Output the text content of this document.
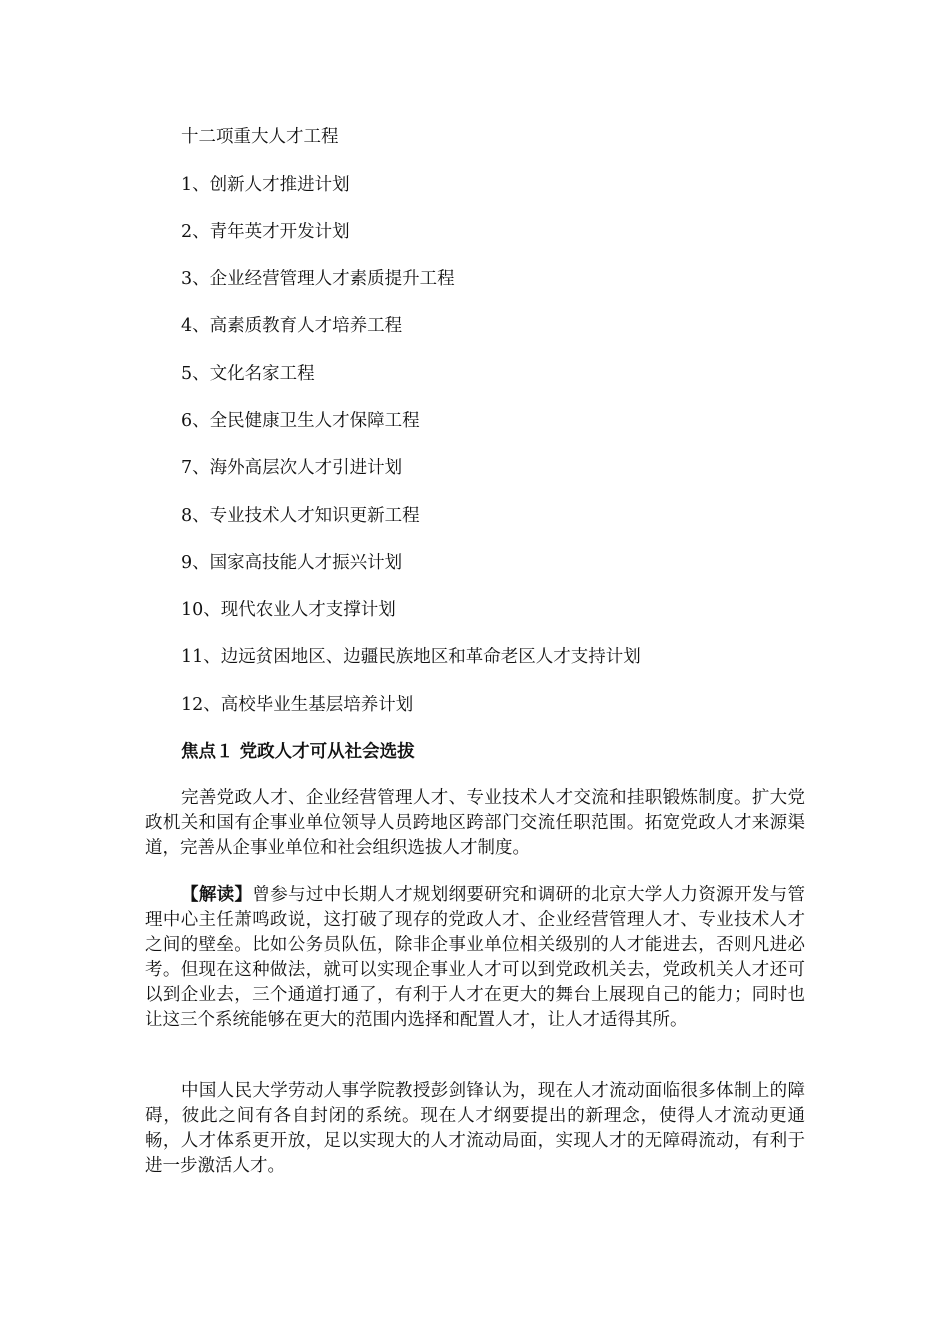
十二项重大人才工程
1、创新人才推进计划
2、青年英才开发计划
3、企业经营管理人才素质提升工程
4、高素质教育人才培养工程
5、文化名家工程
6、全民健康卫生人才保障工程
7、海外高层次人才引进计划
8、专业技术人才知识更新工程
9、国家高技能人才振兴计划
10、现代农业人才支撑计划
11、边远贫困地区、边疆民族地区和革命老区人才支持计划
12、高校毕业生基层培养计划
焦点１ 党政人才可从社会选拔
完善党政人才、企业经营管理人才、专业技术人才交流和挂职锻炼制度。扩大党政机关和国有企事业单位领导人员跨地区跨部门交流任职范围。拓宽党政人才来源渠道，完善从企事业单位和社会组织选拔人才制度。
【解读】曾参与过中长期人才规划纲要研究和调研的北京大学人力资源开发与管理中心主任萧鸣政说，这打破了现存的党政人才、企业经营管理人才、专业技术人才之间的壁垒。比如公务员队伍，除非企事业单位相关级别的人才能进去，否则凡进必考。但现在这种做法，就可以实现企事业人才可以到党政机关去，党政机关人才还可以到企业去，三个通道打通了，有利于人才在更大的舞台上展现自己的能力；同时也让这三个系统能够在更大的范围内选择和配置人才，让人才适得其所。
中国人民大学劳动人事学院教授彭剑锋认为，现在人才流动面临很多体制上的障碍，彼此之间有各自封闭的系统。现在人才纲要提出的新理念，使得人才流动更通畅，人才体系更开放，足以实现大的人才流动局面，实现人才的无障碍流动，有利于进一步激活人才。
